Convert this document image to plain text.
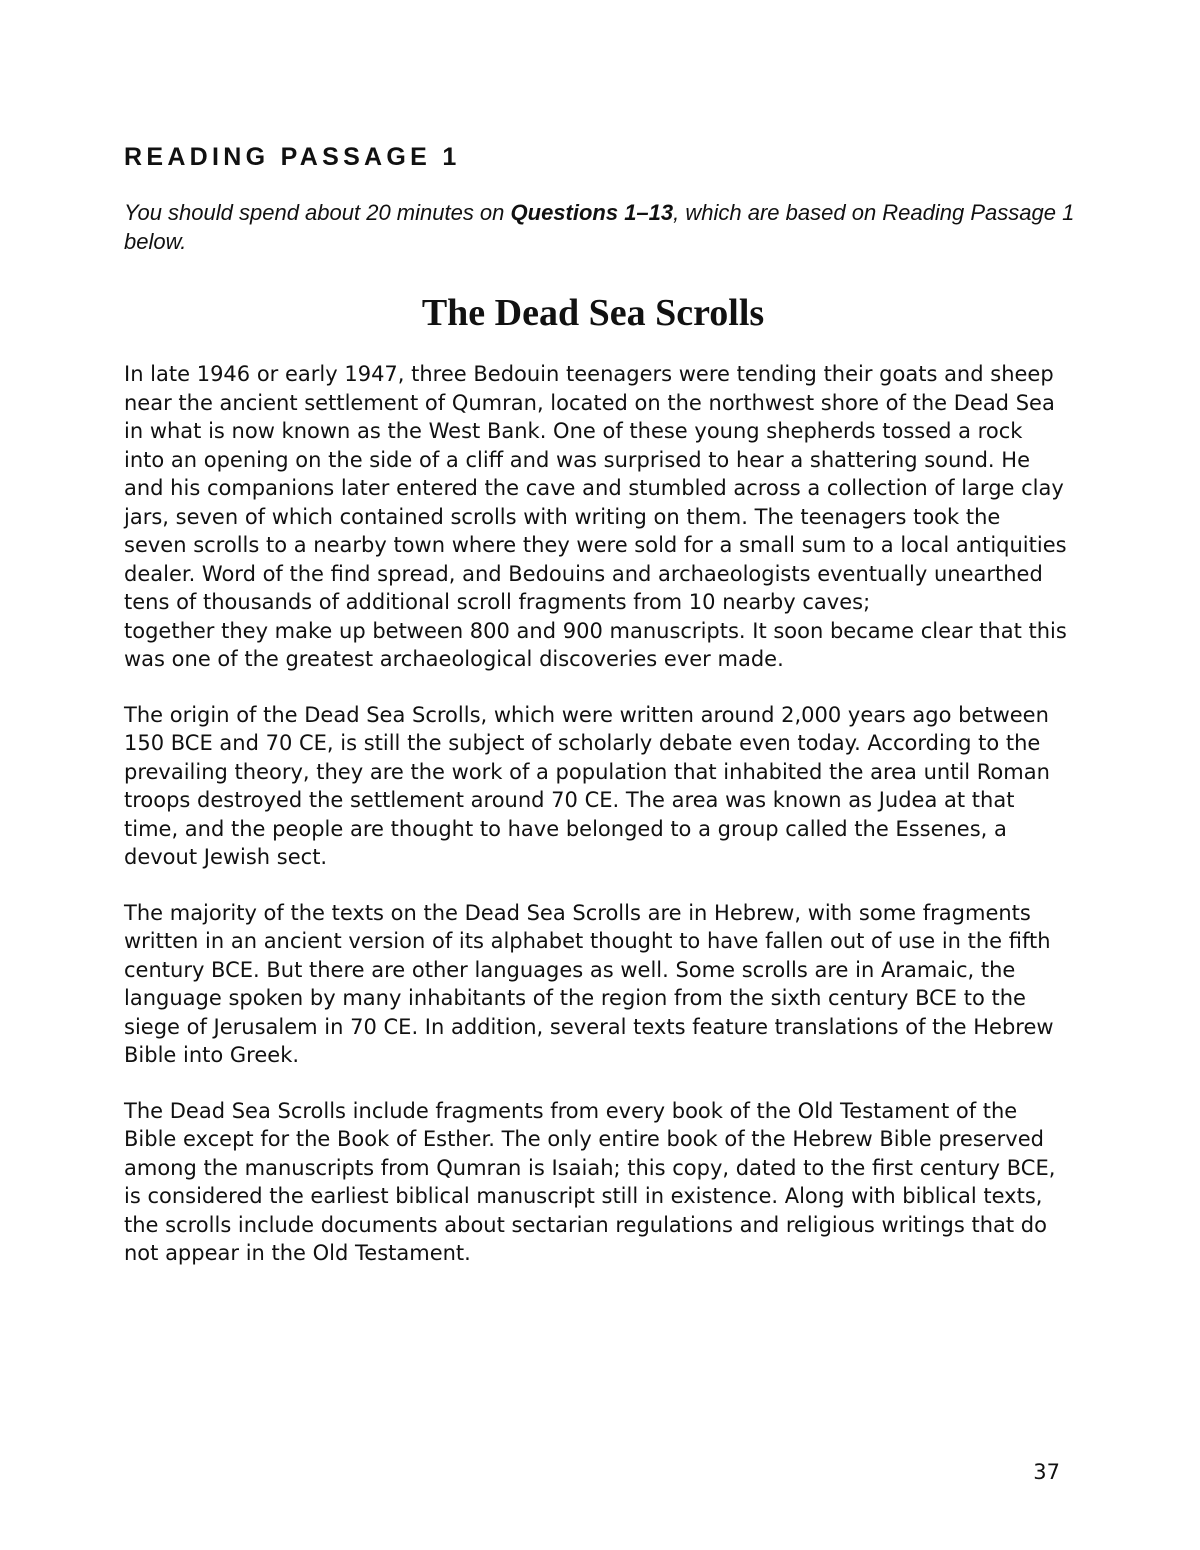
READING PASSAGE 1

You should spend about 20 minutes on Questions 1–13, which are based on Reading Passage 1 below.

The Dead Sea Scrolls

In late 1946 or early 1947, three Bedouin teenagers were tending their goats and sheep near the ancient settlement of Qumran, located on the northwest shore of the Dead Sea in what is now known as the West Bank. One of these young shepherds tossed a rock into an opening on the side of a cliff and was surprised to hear a shattering sound. He and his companions later entered the cave and stumbled across a collection of large clay jars, seven of which contained scrolls with writing on them. The teenagers took the seven scrolls to a nearby town where they were sold for a small sum to a local antiquities dealer. Word of the find spread, and Bedouins and archaeologists eventually unearthed tens of thousands of additional scroll fragments from 10 nearby caves;
together they make up between 800 and 900 manuscripts. It soon became clear that this was one of the greatest archaeological discoveries ever made.

The origin of the Dead Sea Scrolls, which were written around 2,000 years ago between 150 BCE and 70 CE, is still the subject of scholarly debate even today. According to the prevailing theory, they are the work of a population that inhabited the area until Roman troops destroyed the settlement around 70 CE. The area was known as Judea at that time, and the people are thought to have belonged to a group called the Essenes, a devout Jewish sect.

The majority of the texts on the Dead Sea Scrolls are in Hebrew, with some fragments written in an ancient version of its alphabet thought to have fallen out of use in the fifth century BCE. But there are other languages as well. Some scrolls are in Aramaic, the language spoken by many inhabitants of the region from the sixth century BCE to the siege of Jerusalem in 70 CE. In addition, several texts feature translations of the Hebrew Bible into Greek.

The Dead Sea Scrolls include fragments from every book of the Old Testament of the Bible except for the Book of Esther. The only entire book of the Hebrew Bible preserved among the manuscripts from Qumran is Isaiah; this copy, dated to the first century BCE, is considered the earliest biblical manuscript still in existence. Along with biblical texts, the scrolls include documents about sectarian regulations and religious writings that do not appear in the Old Testament.

37
